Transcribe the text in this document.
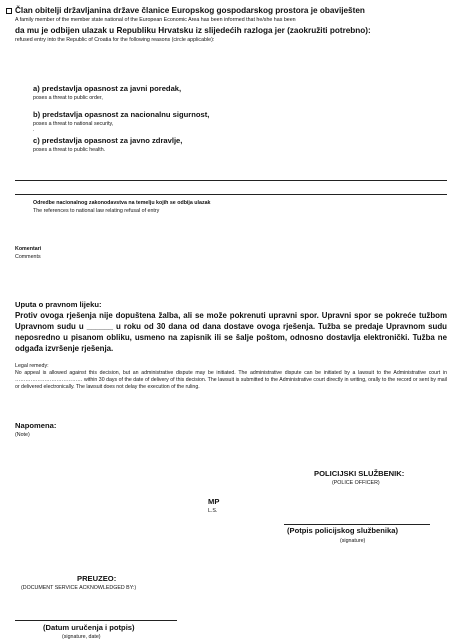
Član obitelji državljanina države članice Europskog gospodarskog prostora je obaviješten
A family member of the member state national of the European Economic Area has been informed that he/she has been
da mu je odbijen ulazak u Republiku Hrvatsku iz slijedećih razloga jer (zaokružiti potrebno):
refused entry into the Republic of Croatia for the following reasons (circle applicable):
a) predstavlja opasnost za javni poredak,
poses a threat to public order,
b) predstavlja opasnost za nacionalnu sigurnost,
poses a threat to national security,
.
c) predstavlja opasnost za javno zdravlje,
poses a threat to public health.
Odredbe nacionalnog zakonodavstva na temelju kojih se odbija ulazak
The references to national law relating refusal of entry
Komentari
Comments
Uputa o pravnom lijeku:
Protiv ovoga rješenja nije dopuštena žalba, ali se može pokrenuti upravni spor. Upravni spor se pokreće tužbom Upravnom sudu u ______ u roku od 30 dana od dana dostave ovoga rješenja. Tužba se predaje Upravnom sudu neposredno u pisanom obliku, usmeno na zapisnik ili se šalje poštom, odnosno dostavlja elektronički. Tužba ne odgađa izvršenje rješenja.
Legal remedy:
No appeal is allowed against this decision, but an administrative dispute may be initiated. The administrative dispute can be initiated by a lawsuit to the Administrative court in ………………………………… within 30 days of the date of delivery of this decision. The lawsuit is submitted to the Administrative court directly in writing, orally to the record or sent by mail or delivered electronically. The lawsuit does not delay the execution of the ruling.
Napomena:
(Note)
POLICIJSKI SLUŽBENIK:
(POLICE OFFICER)
MP
L.S.
(Potpis policijskog službenika)
(signature)
PREUZEO:
(DOCUMENT SERVICE ACKNOWLEDGED BY:)
(Datum uručenja i potpis)
(signature, date)
